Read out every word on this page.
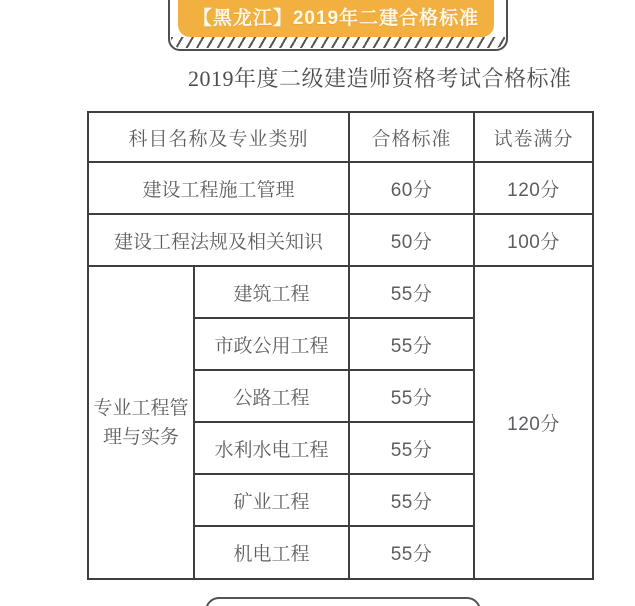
【黑龙江】2019年二建合格标准
2019年度二级建造师资格考试合格标准
科目名称及专业类别		合格标准	试卷满分
建设工程施工管理		60分	120分
建设工程法规及相关知识		50分	100分
专业工程管理与实务	建筑工程	55分	120分
	市政公用工程	55分	
	公路工程	55分	
	水利水电工程	55分	
	矿业工程	55分	
	机电工程	55分	
